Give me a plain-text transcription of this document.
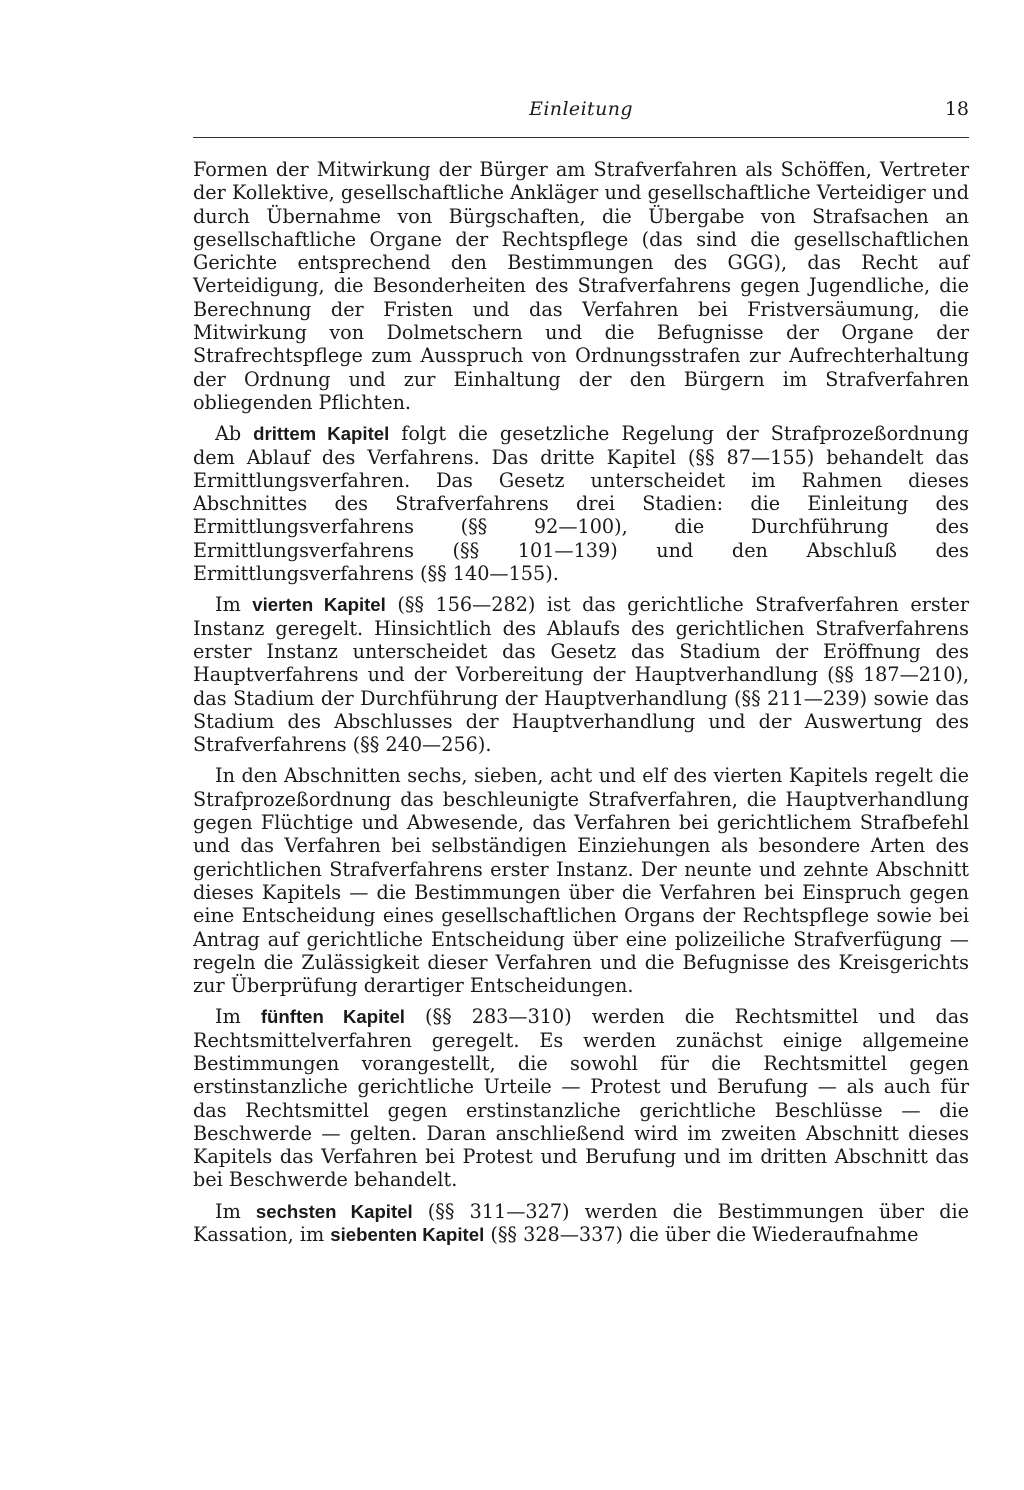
Einleitung	18

Formen der Mitwirkung der Bürger am Strafverfahren als Schöffen, Vertreter der Kollektive, gesellschaftliche Ankläger und gesellschaftliche Verteidiger und durch Übernahme von Bürgschaften, die Übergabe von Strafsachen an gesellschaftliche Organe der Rechtspflege (das sind die gesellschaftlichen Gerichte entsprechend den Bestimmungen des GGG), das Recht auf Verteidigung, die Besonderheiten des Strafverfahrens gegen Jugendliche, die Berechnung der Fristen und das Verfahren bei Fristversäumung, die Mitwirkung von Dolmetschern und die Befugnisse der Organe der Strafrechtspflege zum Ausspruch von Ordnungsstrafen zur Aufrechterhaltung der Ordnung und zur Einhaltung der den Bürgern im Strafverfahren obliegenden Pflichten.

Ab drittem Kapitel folgt die gesetzliche Regelung der Strafprozeßordnung dem Ablauf des Verfahrens. Das dritte Kapitel (§§ 87—155) behandelt das Ermittlungsverfahren. Das Gesetz unterscheidet im Rahmen dieses Abschnittes des Strafverfahrens drei Stadien: die Einleitung des Ermittlungsverfahrens (§§ 92—100), die Durchführung des Ermittlungsverfahrens (§§ 101—139) und den Abschluß des Ermittlungsverfahrens (§§ 140—155).

Im vierten Kapitel (§§ 156—282) ist das gerichtliche Strafverfahren erster Instanz geregelt. Hinsichtlich des Ablaufs des gerichtlichen Strafverfahrens erster Instanz unterscheidet das Gesetz das Stadium der Eröffnung des Hauptverfahrens und der Vorbereitung der Hauptverhandlung (§§ 187—210), das Stadium der Durchführung der Hauptverhandlung (§§ 211—239) sowie das Stadium des Abschlusses der Hauptverhandlung und der Auswertung des Strafverfahrens (§§ 240—256).

In den Abschnitten sechs, sieben, acht und elf des vierten Kapitels regelt die Strafprozeßordnung das beschleunigte Strafverfahren, die Hauptverhandlung gegen Flüchtige und Abwesende, das Verfahren bei gerichtlichem Strafbefehl und das Verfahren bei selbständigen Einziehungen als besondere Arten des gerichtlichen Strafverfahrens erster Instanz. Der neunte und zehnte Abschnitt dieses Kapitels — die Bestimmungen über die Verfahren bei Einspruch gegen eine Entscheidung eines gesellschaftlichen Organs der Rechtspflege sowie bei Antrag auf gerichtliche Entscheidung über eine polizeiliche Strafverfügung — regeln die Zulässigkeit dieser Verfahren und die Befugnisse des Kreisgerichts zur Überprüfung derartiger Entscheidungen.

Im fünften Kapitel (§§ 283—310) werden die Rechtsmittel und das Rechtsmittelverfahren geregelt. Es werden zunächst einige allgemeine Bestimmungen vorangestellt, die sowohl für die Rechtsmittel gegen erstinstanzliche gerichtliche Urteile — Protest und Berufung — als auch für das Rechtsmittel gegen erstinstanzliche gerichtliche Beschlüsse — die Beschwerde — gelten. Daran anschließend wird im zweiten Abschnitt dieses Kapitels das Verfahren bei Protest und Berufung und im dritten Abschnitt das bei Beschwerde behandelt.

Im sechsten Kapitel (§§ 311—327) werden die Bestimmungen über die Kassation, im siebenten Kapitel (§§ 328—337) die über die Wiederaufnahme
